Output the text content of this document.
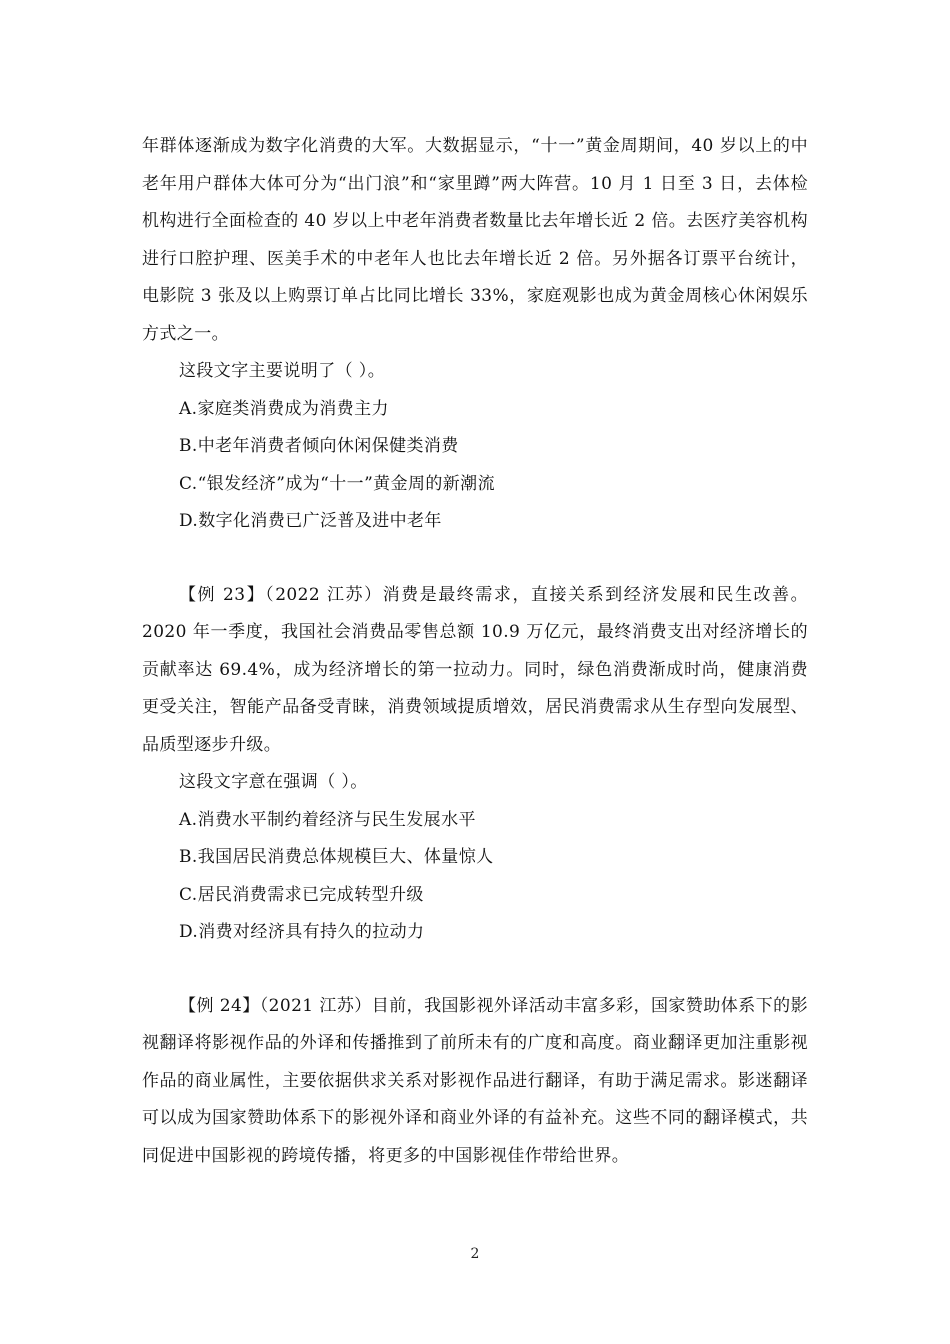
年群体逐渐成为数字化消费的大军。大数据显示，“十一”黄金周期间，40 岁以上的中老年用户群体大体可分为“出门浪”和“家里蹲”两大阵营。10 月 1 日至 3 日，去体检机构进行全面检查的 40 岁以上中老年消费者数量比去年增长近 2 倍。去医疗美容机构进行口腔护理、医美手术的中老年人也比去年增长近 2 倍。另外据各订票平台统计，电影院 3 张及以上购票订单占比同比增长 33%，家庭观影也成为黄金周核心休闲娱乐方式之一。

这段文字主要说明了（ ）。

A.家庭类消费成为消费主力

B.中老年消费者倾向休闲保健类消费

C.“银发经济”成为“十一”黄金周的新潮流

D.数字化消费已广泛普及进中老年

【例 23】（2022 江苏）消费是最终需求，直接关系到经济发展和民生改善。2020 年一季度，我国社会消费品零售总额 10.9 万亿元，最终消费支出对经济增长的贡献率达 69.4%，成为经济增长的第一拉动力。同时，绿色消费渐成时尚，健康消费更受关注，智能产品备受青睐，消费领域提质增效，居民消费需求从生存型向发展型、品质型逐步升级。

这段文字意在强调（ ）。

A.消费水平制约着经济与民生发展水平

B.我国居民消费总体规模巨大、体量惊人

C.居民消费需求已完成转型升级

D.消费对经济具有持久的拉动力

【例 24】（2021 江苏）目前，我国影视外译活动丰富多彩，国家赞助体系下的影视翻译将影视作品的外译和传播推到了前所未有的广度和高度。商业翻译更加注重影视作品的商业属性，主要依据供求关系对影视作品进行翻译，有助于满足需求。影迷翻译可以成为国家赞助体系下的影视外译和商业外译的有益补充。这些不同的翻译模式，共同促进中国影视的跨境传播，将更多的中国影视佳作带给世界。

2
